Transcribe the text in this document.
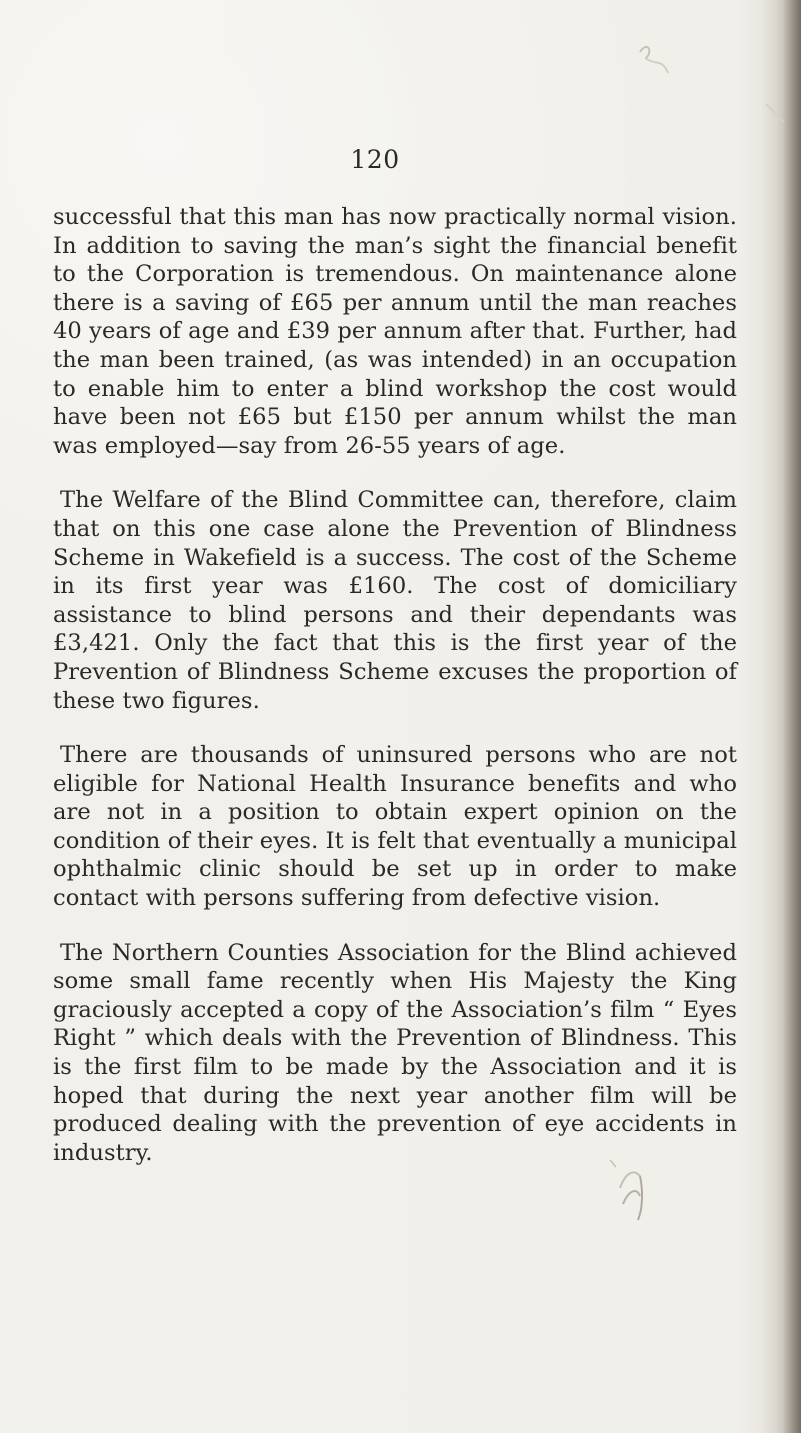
120

successful that this man has now practically normal vision. In addition to saving the man’s sight the financial benefit to the Corporation is tremendous. On maintenance alone there is a saving of £65 per annum until the man reaches 40 years of age and £39 per annum after that. Further, had the man been trained, (as was intended) in an occupation to enable him to enter a blind workshop the cost would have been not £65 but £150 per annum whilst the man was employed—say from 26-55 years of age.

The Welfare of the Blind Committee can, therefore, claim that on this one case alone the Prevention of Blindness Scheme in Wakefield is a success. The cost of the Scheme in its first year was £160. The cost of domiciliary assistance to blind persons and their dependants was £3,421. Only the fact that this is the first year of the Prevention of Blindness Scheme excuses the proportion of these two figures.

There are thousands of uninsured persons who are not eligible for National Health Insurance benefits and who are not in a position to obtain expert opinion on the condition of their eyes. It is felt that eventually a municipal ophthalmic clinic should be set up in order to make contact with persons suffering from defective vision.

The Northern Counties Association for the Blind achieved some small fame recently when His Majesty the King graciously accepted a copy of the Association’s film “ Eyes Right ” which deals with the Prevention of Blindness. This is the first film to be made by the Association and it is hoped that during the next year another film will be produced dealing with the prevention of eye accidents in industry.
